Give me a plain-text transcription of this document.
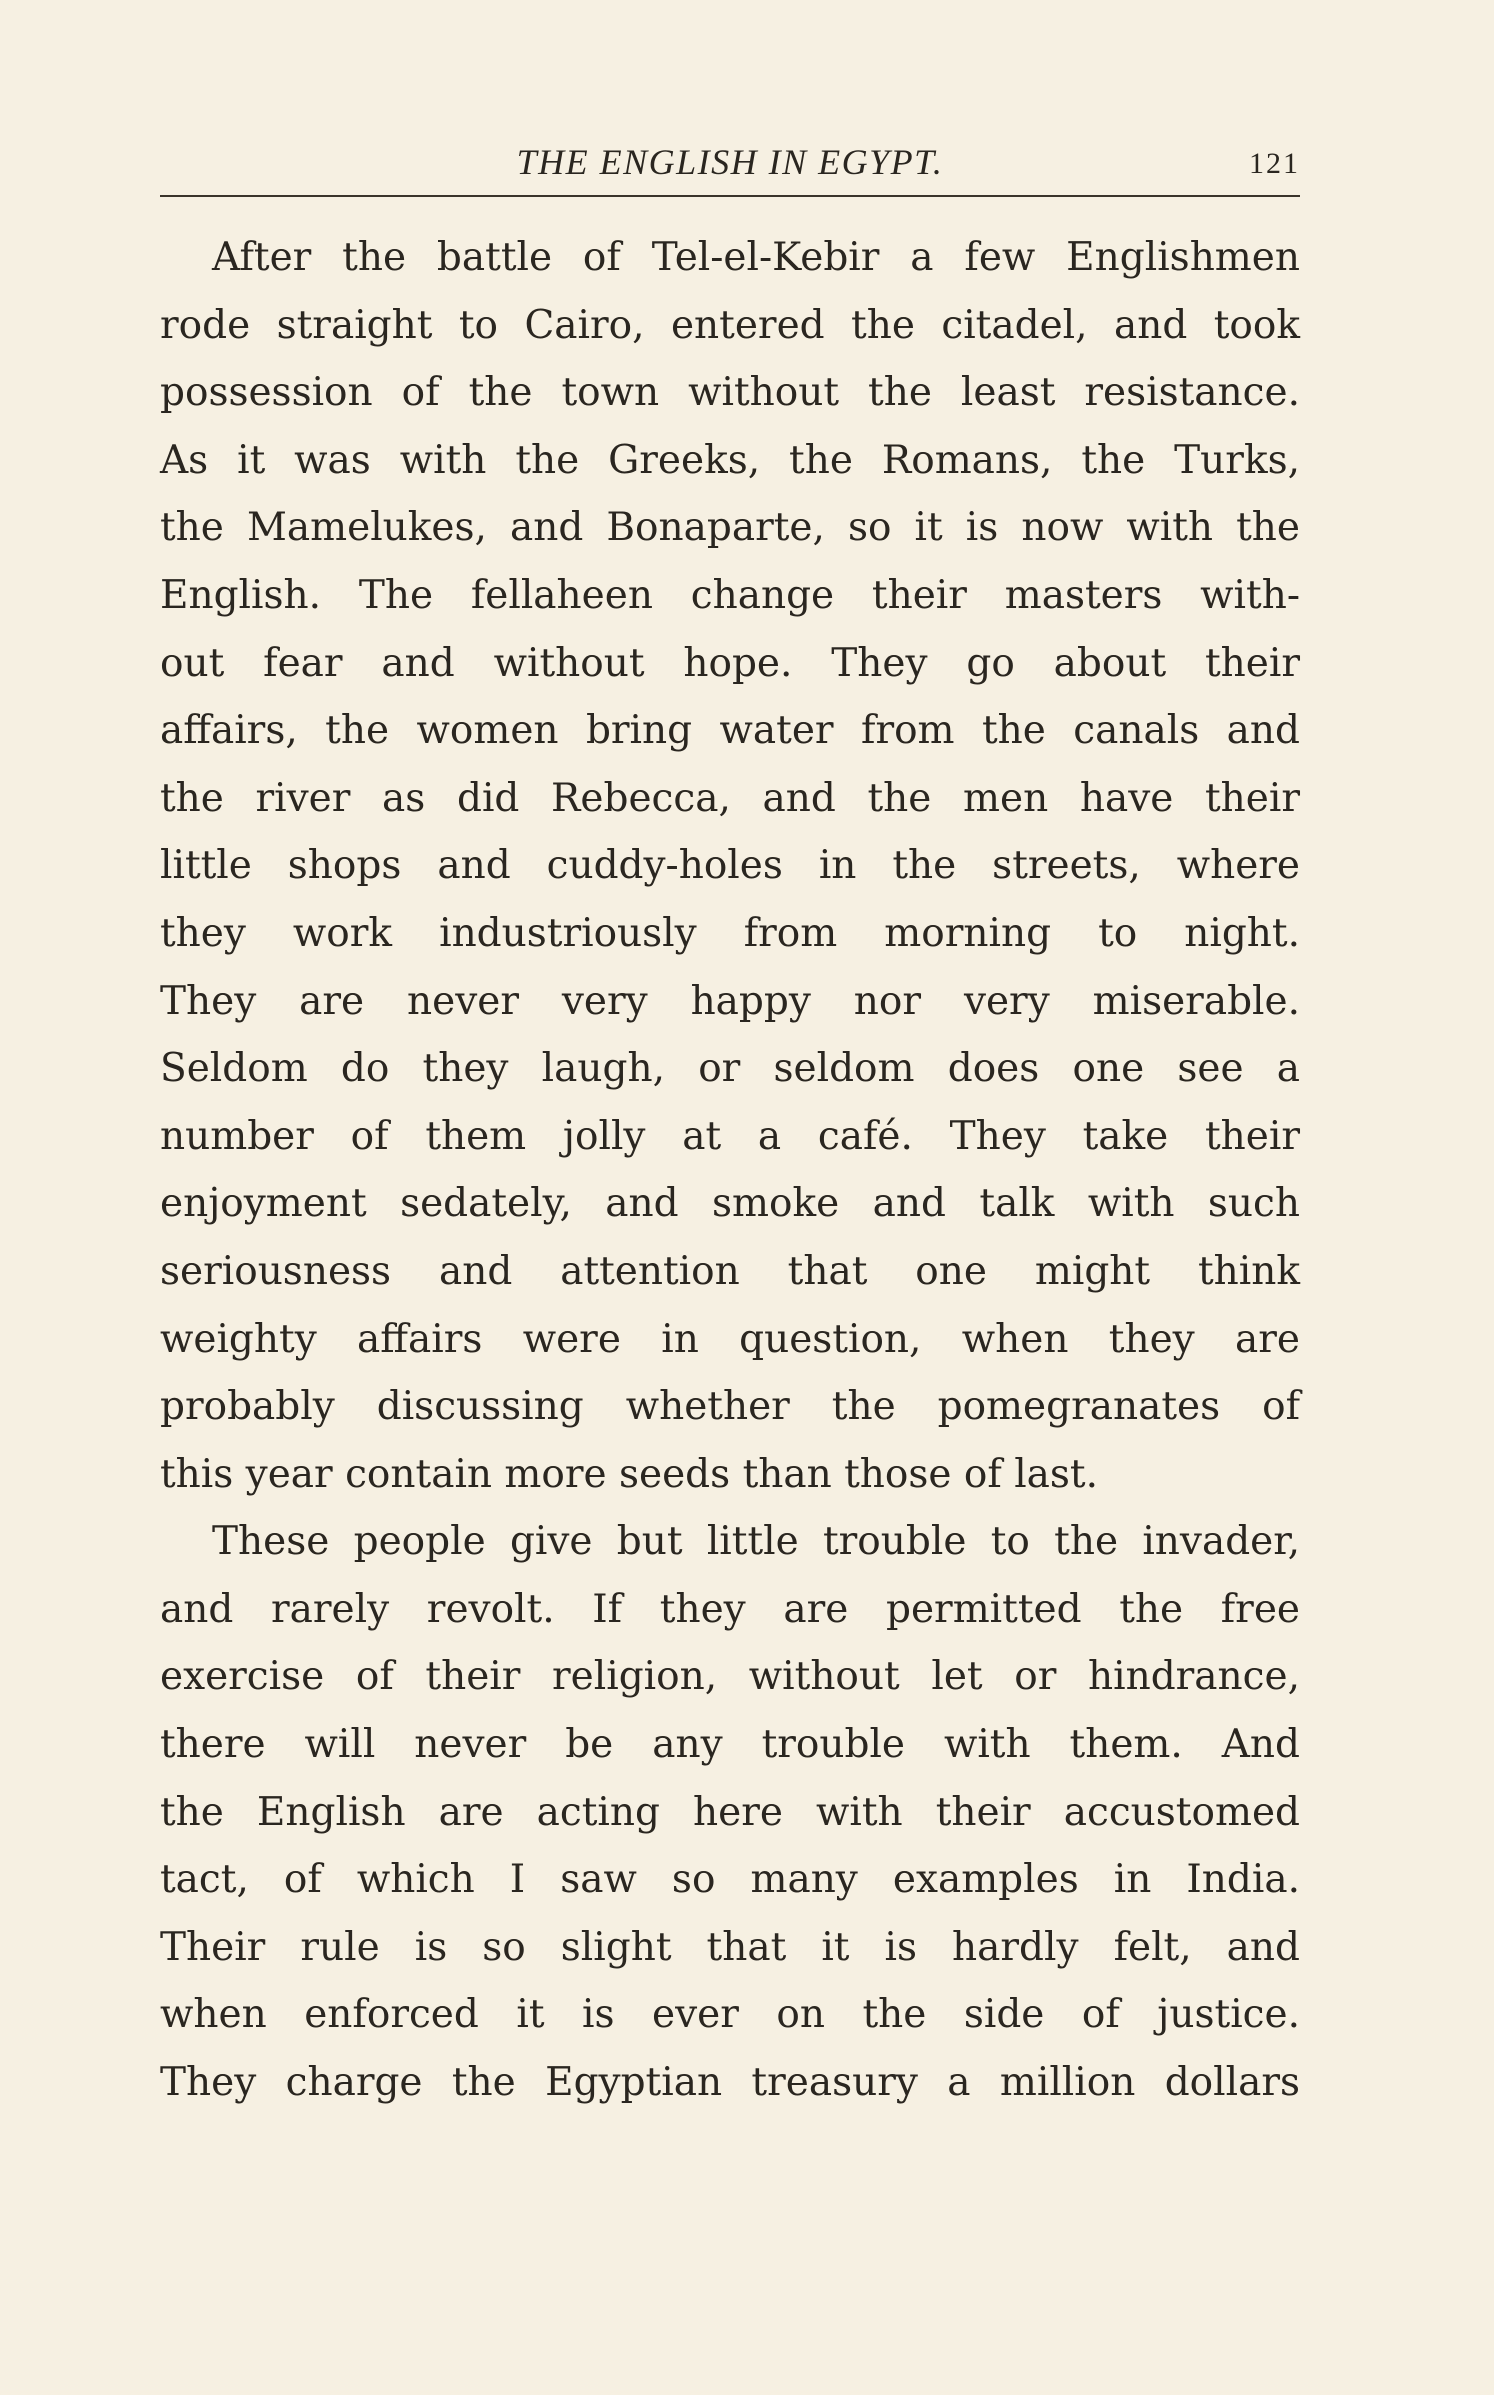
THE ENGLISH IN EGYPT.	121
After the battle of Tel-el-Kebir a few Englishmen
rode straight to Cairo, entered the citadel, and took
possession of the town without the least resistance.
As it was with the Greeks, the Romans, the Turks,
the Mamelukes, and Bonaparte, so it is now with the
English. The fellaheen change their masters with-
out fear and without hope. They go about their
affairs, the women bring water from the canals and
the river as did Rebecca, and the men have their
little shops and cuddy-holes in the streets, where
they work industriously from morning to night.
They are never very happy nor very miserable.
Seldom do they laugh, or seldom does one see a
number of them jolly at a café. They take their
enjoyment sedately, and smoke and talk with such
seriousness and attention that one might think
weighty affairs were in question, when they are
probably discussing whether the pomegranates of
this year contain more seeds than those of last.
These people give but little trouble to the invader,
and rarely revolt. If they are permitted the free
exercise of their religion, without let or hindrance,
there will never be any trouble with them. And
the English are acting here with their accustomed
tact, of which I saw so many examples in India.
Their rule is so slight that it is hardly felt, and
when enforced it is ever on the side of justice.
They charge the Egyptian treasury a million dollars
